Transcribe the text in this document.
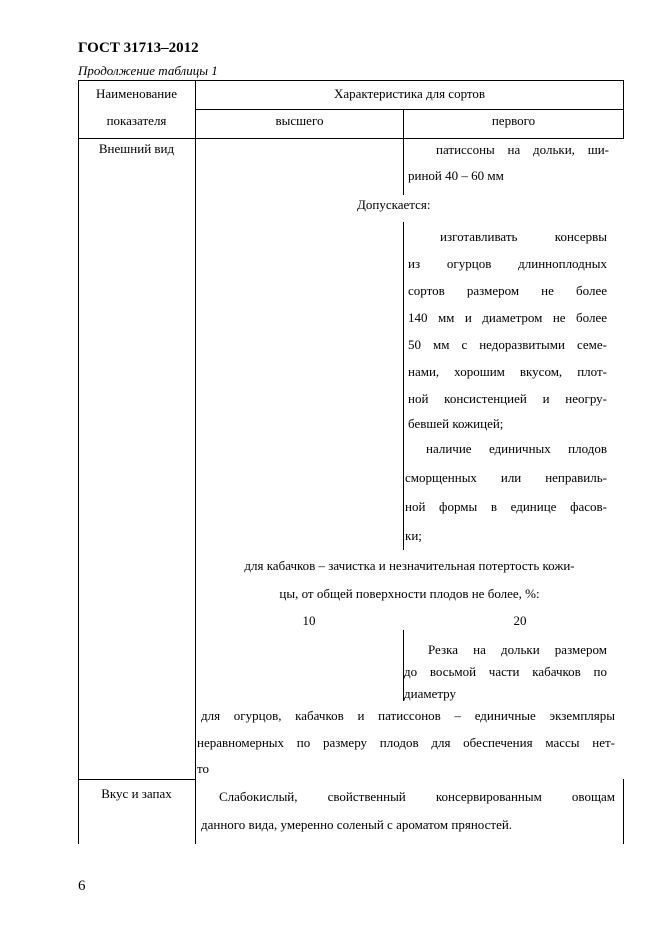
ГОСТ 31713–2012
Продолжение таблицы 1
Наименование
показателя
Характеристика для сортов
высшего	первого
Внешний вид	патиссоны на дольки, ши-
риной 40 – 60 мм
Допускается:
изготавливать консервы
из огурцов длинноплодных
сортов размером не более
140 мм и диаметром не более
50 мм с недоразвитыми семе-
нами, хорошим вкусом, плот-
ной консистенцией и неогру-
бевшей кожицей;
наличие единичных плодов
сморщенных или неправиль-
ной формы в единице фасов-
ки;
для кабачков – зачистка и незначительная потертость кожи-
цы, от общей поверхности плодов не более, %:
10	20
Резка на дольки размером
до восьмой части кабачков по
диаметру
для огурцов, кабачков и патиссонов – единичные экземпляры
неравномерных по размеру плодов для обеспечения массы нет-
то
Вкус и запах	Слабокислый, свойственный консервированным овощам
данного вида, умеренно соленый с ароматом пряностей.
6
